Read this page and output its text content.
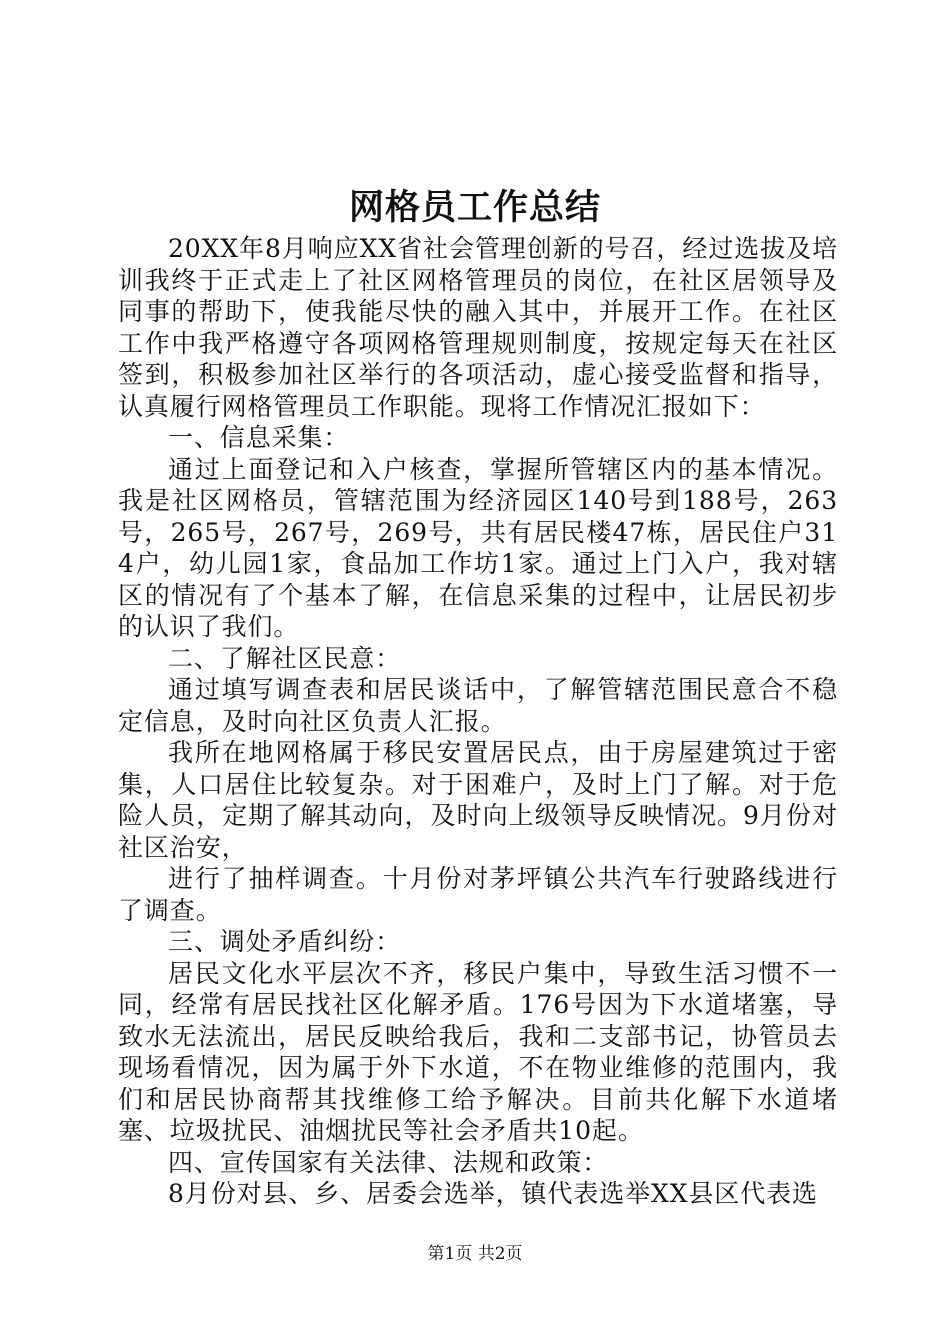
网格员工作总结

20XX年8月响应XX省社会管理创新的号召，经过选拔及培训我终于正式走上了社区网格管理员的岗位，在社区居领导及同事的帮助下，使我能尽快的融入其中，并展开工作。在社区工作中我严格遵守各项网格管理规则制度，按规定每天在社区签到，积极参加社区举行的各项活动，虚心接受监督和指导，认真履行网格管理员工作职能。现将工作情况汇报如下：

一、信息采集：

通过上面登记和入户核查，掌握所管辖区内的基本情况。我是社区网格员，管辖范围为经济园区140号到188号，263号，265号，267号，269号，共有居民楼47栋，居民住户314户，幼儿园1家，食品加工作坊1家。通过上门入户，我对辖区的情况有了个基本了解，在信息采集的过程中，让居民初步的认识了我们。

二、了解社区民意：

通过填写调查表和居民谈话中，了解管辖范围民意合不稳定信息，及时向社区负责人汇报。

我所在地网格属于移民安置居民点，由于房屋建筑过于密集，人口居住比较复杂。对于困难户，及时上门了解。对于危险人员，定期了解其动向，及时向上级领导反映情况。9月份对社区治安，

进行了抽样调查。十月份对茅坪镇公共汽车行驶路线进行了调查。

三、调处矛盾纠纷：

居民文化水平层次不齐，移民户集中，导致生活习惯不一同，经常有居民找社区化解矛盾。176号因为下水道堵塞，导致水无法流出，居民反映给我后，我和二支部书记，协管员去现场看情况，因为属于外下水道，不在物业维修的范围内，我们和居民协商帮其找维修工给予解决。目前共化解下水道堵塞、垃圾扰民、油烟扰民等社会矛盾共10起。

四、宣传国家有关法律、法规和政策：

8月份对县、乡、居委会选举，镇代表选举XX县区代表选

第1页 共2页
